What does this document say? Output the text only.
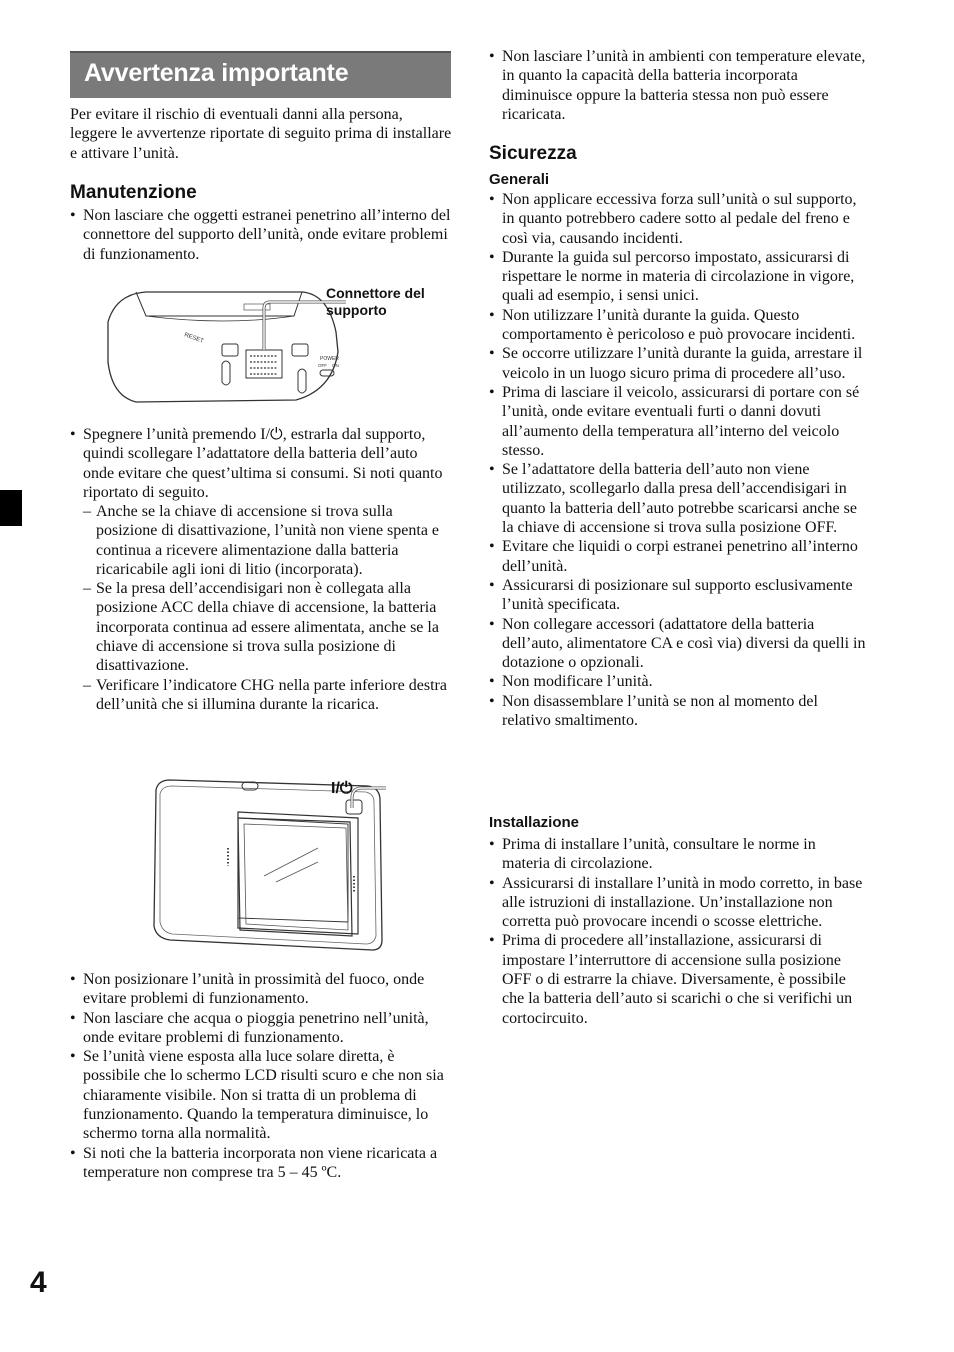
Avvertenza importante

Per evitare il rischio di eventuali danni alla persona, leggere le avvertenze riportate di seguito prima di installare e attivare l’unità.

Manutenzione
• Non lasciare che oggetti estranei penetrino all’interno del connettore del supporto dell’unità, onde evitare problemi di funzionamento.
RESET
POWER
OFF ON
Connettore del supporto
• Spegnere l’unità premendo I/⏻, estrarla dal supporto, quindi scollegare l’adattatore della batteria dell’auto onde evitare che quest’ultima si consumi. Si noti quanto riportato di seguito.
– Anche se la chiave di accensione si trova sulla posizione di disattivazione, l’unità non viene spenta e continua a ricevere alimentazione dalla batteria ricaricabile agli ioni di litio (incorporata).
– Se la presa dell’accendisigari non è collegata alla posizione ACC della chiave di accensione, la batteria incorporata continua ad essere alimentata, anche se la chiave di accensione si trova sulla posizione di disattivazione.
– Verificare l’indicatore CHG nella parte inferiore destra dell’unità che si illumina durante la ricarica.
I/⏻
• Non posizionare l’unità in prossimità del fuoco, onde evitare problemi di funzionamento.
• Non lasciare che acqua o pioggia penetrino nell’unità, onde evitare problemi di funzionamento.
• Se l’unità viene esposta alla luce solare diretta, è possibile che lo schermo LCD risulti scuro e che non sia chiaramente visibile. Non si tratta di un problema di funzionamento. Quando la temperatura diminuisce, lo schermo torna alla normalità.
• Si noti che la batteria incorporata non viene ricaricata a temperature non comprese tra 5 – 45 ºC.
• Non lasciare l’unità in ambienti con temperature elevate, in quanto la capacità della batteria incorporata diminuisce oppure la batteria stessa non può essere ricaricata.
Sicurezza
Generali
• Non applicare eccessiva forza sull’unità o sul supporto, in quanto potrebbero cadere sotto al pedale del freno e così via, causando incidenti.
• Durante la guida sul percorso impostato, assicurarsi di rispettare le norme in materia di circolazione in vigore, quali ad esempio, i sensi unici.
• Non utilizzare l’unità durante la guida. Questo comportamento è pericoloso e può provocare incidenti.
• Se occorre utilizzare l’unità durante la guida, arrestare il veicolo in un luogo sicuro prima di procedere all’uso.
• Prima di lasciare il veicolo, assicurarsi di portare con sé l’unità, onde evitare eventuali furti o danni dovuti all’aumento della temperatura all’interno del veicolo stesso.
• Se l’adattatore della batteria dell’auto non viene utilizzato, scollegarlo dalla presa dell’accendisigari in quanto la batteria dell’auto potrebbe scaricarsi anche se la chiave di accensione si trova sulla posizione OFF.
• Evitare che liquidi o corpi estranei penetrino all’interno dell’unità.
• Assicurarsi di posizionare sul supporto esclusivamente l’unità specificata.
• Non collegare accessori (adattatore della batteria dell’auto, alimentatore CA e così via) diversi da quelli in dotazione o opzionali.
• Non modificare l’unità.
• Non disassemblare l’unità se non al momento del relativo smaltimento.
Installazione
• Prima di installare l’unità, consultare le norme in materia di circolazione.
• Assicurarsi di installare l’unità in modo corretto, in base alle istruzioni di installazione. Un’installazione non corretta può provocare incendi o scosse elettriche.
• Prima di procedere all’installazione, assicurarsi di impostare l’interruttore di accensione sulla posizione OFF o di estrarre la chiave. Diversamente, è possibile che la batteria dell’auto si scarichi o che si verifichi un cortocircuito.
4
